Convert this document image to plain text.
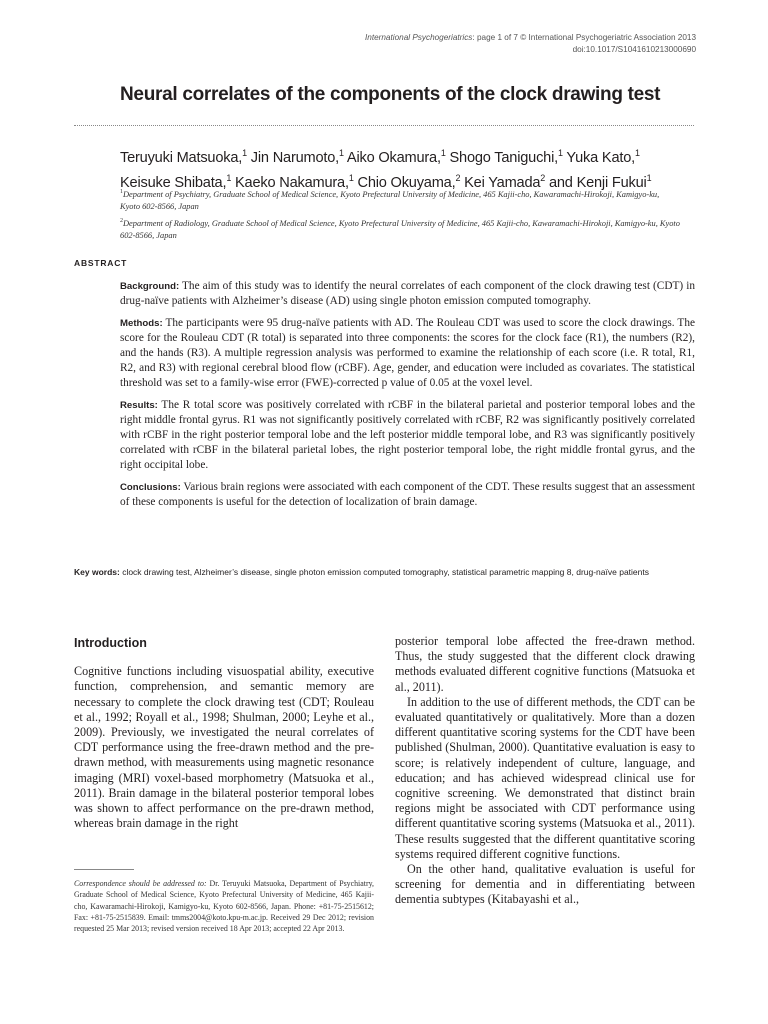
International Psychogeriatrics: page 1 of 7 © International Psychogeriatric Association 2013
doi:10.1017/S1041610213000690
Neural correlates of the components of the clock drawing test
Teruyuki Matsuoka,$^1$ Jin Narumoto,$^1$ Aiko Okamura,$^1$ Shogo Taniguchi,$^1$ Yuka Kato,$^1$
Keisuke Shibata,$^1$ Kaeko Nakamura,$^1$ Chio Okuyama,$^2$ Kei Yamada$^2$ and Kenji Fukui$^1$

$^1$Department of Psychiatry, Graduate School of Medical Science, Kyoto Prefectural University of Medicine, 465 Kajii-cho, Kawaramachi-Hirokoji, Kamigyo-ku, Kyoto 602-8566, Japan

$^2$Department of Radiology, Graduate School of Medical Science, Kyoto Prefectural University of Medicine, 465 Kajii-cho, Kawaramachi-Hirokoji, Kamigyo-ku, Kyoto 602-8566, Japan

ABSTRACT

Background: The aim of this study was to identify the neural correlates of each component of the clock drawing test (CDT) in drug-naïve patients with Alzheimer’s disease (AD) using single photon emission computed tomography.

Methods: The participants were 95 drug-naïve patients with AD. The Rouleau CDT was used to score the clock drawings. The score for the Rouleau CDT (R total) is separated into three components: the scores for the clock face (R1), the numbers (R2), and the hands (R3). A multiple regression analysis was performed to examine the relationship of each score (i.e. R total, R1, R2, and R3) with regional cerebral blood flow (rCBF). Age, gender, and education were included as covariates. The statistical threshold was set to a family-wise error (FWE)-corrected p value of 0.05 at the voxel level.

Results: The R total score was positively correlated with rCBF in the bilateral parietal and posterior temporal lobes and the right middle frontal gyrus. R1 was not significantly positively correlated with rCBF, R2 was significantly positively correlated with rCBF in the right posterior temporal lobe and the left posterior middle temporal lobe, and R3 was significantly positively correlated with rCBF in the bilateral parietal lobes, the right posterior temporal lobe, the right middle frontal gyrus, and the right occipital lobe.

Conclusions: Various brain regions were associated with each component of the CDT. These results suggest that an assessment of these components is useful for the detection of localization of brain damage.

Key words: clock drawing test, Alzheimer’s disease, single photon emission computed tomography, statistical parametric mapping 8, drug-naïve patients
Introduction

Cognitive functions including visuospatial ability, executive function, comprehension, and semantic memory are necessary to complete the clock drawing test (CDT; Rouleau et al., 1992; Royall et al., 1998; Shulman, 2000; Leyhe et al., 2009). Previously, we investigated the neural correlates of CDT performance using the free-drawn method and the pre-drawn method, with measurements using magnetic resonance imaging (MRI) voxel-based morphometry (Matsuoka et al., 2011). Brain damage in the bilateral posterior temporal lobes was shown to affect performance on the pre-drawn method, whereas brain damage in the right

Correspondence should be addressed to: Dr. Teruyuki Matsuoka, Department of Psychiatry, Graduate School of Medical Science, Kyoto Prefectural University of Medicine, 465 Kajii-cho, Kawaramachi-Hirokoji, Kamigyo-ku, Kyoto 602-8566, Japan. Phone: +81-75-2515612; Fax: +81-75-2515839. Email: tmms2004@koto.kpu-m.ac.jp. Received 29 Dec 2012; revision requested 25 Mar 2013; revised version received 18 Apr 2013; accepted 22 Apr 2013.

posterior temporal lobe affected the free-drawn method. Thus, the study suggested that the different clock drawing methods evaluated different cognitive functions (Matsuoka et al., 2011).

In addition to the use of different methods, the CDT can be evaluated quantitatively or qualitatively. More than a dozen different quantitative scoring systems for the CDT have been published (Shulman, 2000). Quantitative evaluation is easy to score; is relatively independent of culture, language, and education; and has achieved widespread clinical use for cognitive screening. We demonstrated that distinct brain regions might be associated with CDT performance using different quantitative scoring systems (Matsuoka et al., 2011). These results suggested that the different quantitative scoring systems required different cognitive functions.

On the other hand, qualitative evaluation is useful for screening for dementia and in differentiating between dementia subtypes (Kitabayashi et al.,
